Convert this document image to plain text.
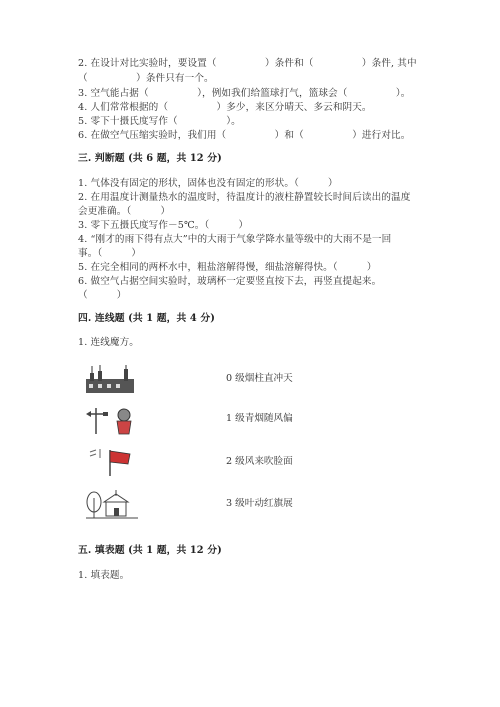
2. 在设计对比实验时，要设置（　　　　　）条件和（　　　　　）条件, 其中
（　　　　　）条件只有一个。
3. 空气能占据（　　　　　），例如我们给篮球打气，篮球会（　　　　　）。
4. 人们常常根据的（　　　　　）多少，来区分晴天、多云和阴天。
5. 零下十摄氏度写作（　　　　　）。
6. 在做空气压缩实验时，我们用（　　　　　）和（　　　　　）进行对比。
三. 判断题 (共 6 题，共 12 分)
1. 气体没有固定的形状，固体也没有固定的形状。（　　　）
2. 在用温度计测量热水的温度时，待温度计的液柱静置较长时间后读出的温度
会更准确。（　　　）
3. 零下五摄氏度写作－5℃。（　　　）
4. “刚才的雨下得有点大”中的大雨于气象学降水量等级中的大雨不是一回
事。（　　　）
5. 在完全相同的两杯水中，粗盐溶解得慢，细盐溶解得快。（　　　）
6. 做空气占据空间实验时，玻璃杯一定要竖直按下去，再竖直提起来。
（　　　）
四. 连线题 (共 1 题，共 4 分)
1. 连线魔方。
0 级烟柱直冲天
1 级青烟随风偏
2 级风来吹脸面
3 级叶动红旗展
五. 填表题 (共 1 题，共 12 分)
1. 填表题。
